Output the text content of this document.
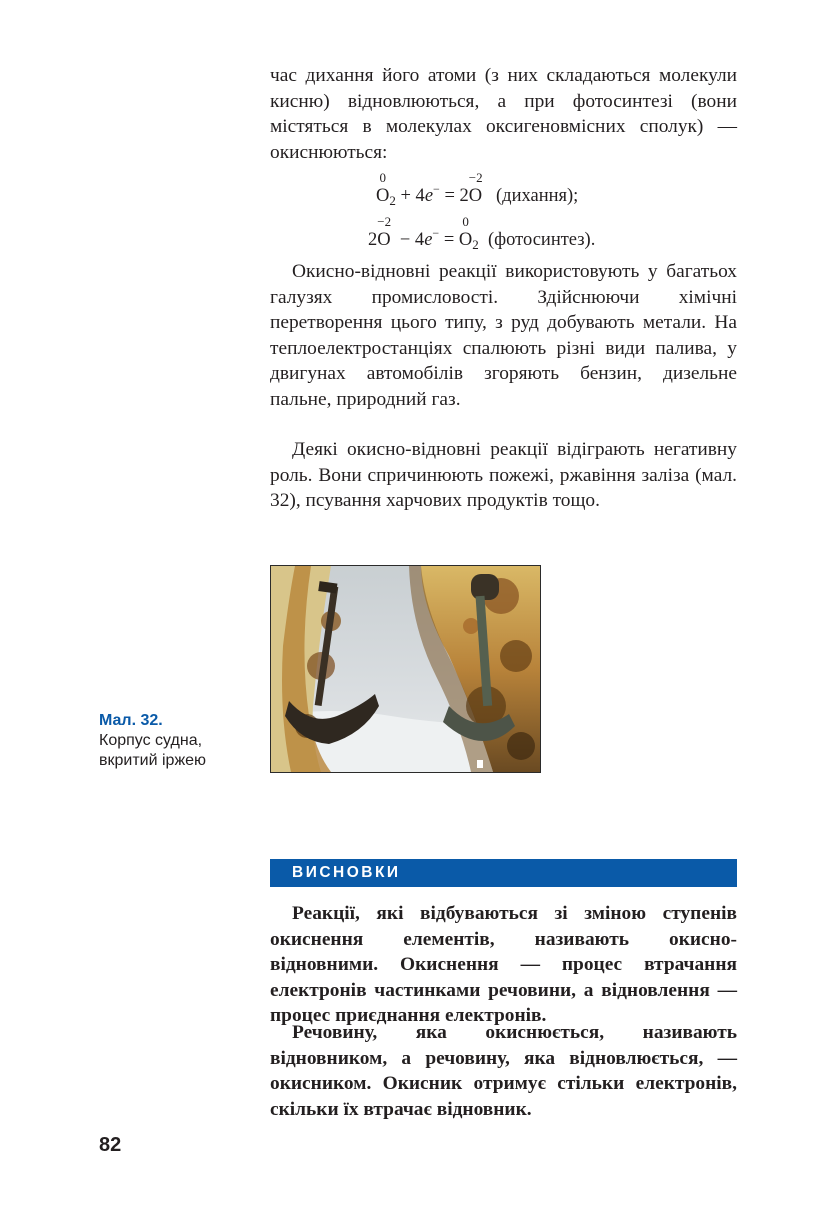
час дихання його атоми (з них складаються молекули кисню) відновлюються, а при фотосинтезі (вони містяться в молекулах оксигеновмісних сполук) — окиснюються:

0
$O_2 + 4e^- = 2$
−2
O (дихання);
2
−2
O  − 4e− =
0
$O_2$ (фотосинтез).

Окисно-відновні реакції використовують у багатьох галузях промисловості. Здійснюючи хімічні перетворення цього типу, з руд добувають метали. На теплоелектростанціях спалюють різні види палива, у двигунах автомобілів згоряють бензин, дизельне пальне, природний газ.

Деякі окисно-відновні реакції відіграють негативну роль. Вони спричинюють пожежі, ржавіння заліза (мал. 32), псування харчових продуктів тощо.

Мал. 32.
Корпус судна, вкритий іржею
ВИСНОВКИ

Реакції, які відбуваються зі зміною ступенів окиснення елементів, називають окисно-відновними. Окиснення — процес втрачання електронів частинками речовини, а відновлення — процес приєднання електронів.

Речовину, яка окиснюється, називають відновником, а речовину, яка відновлюється, — окисником. Окисник отримує стільки електронів, скільки їх втрачає відновник.

82
